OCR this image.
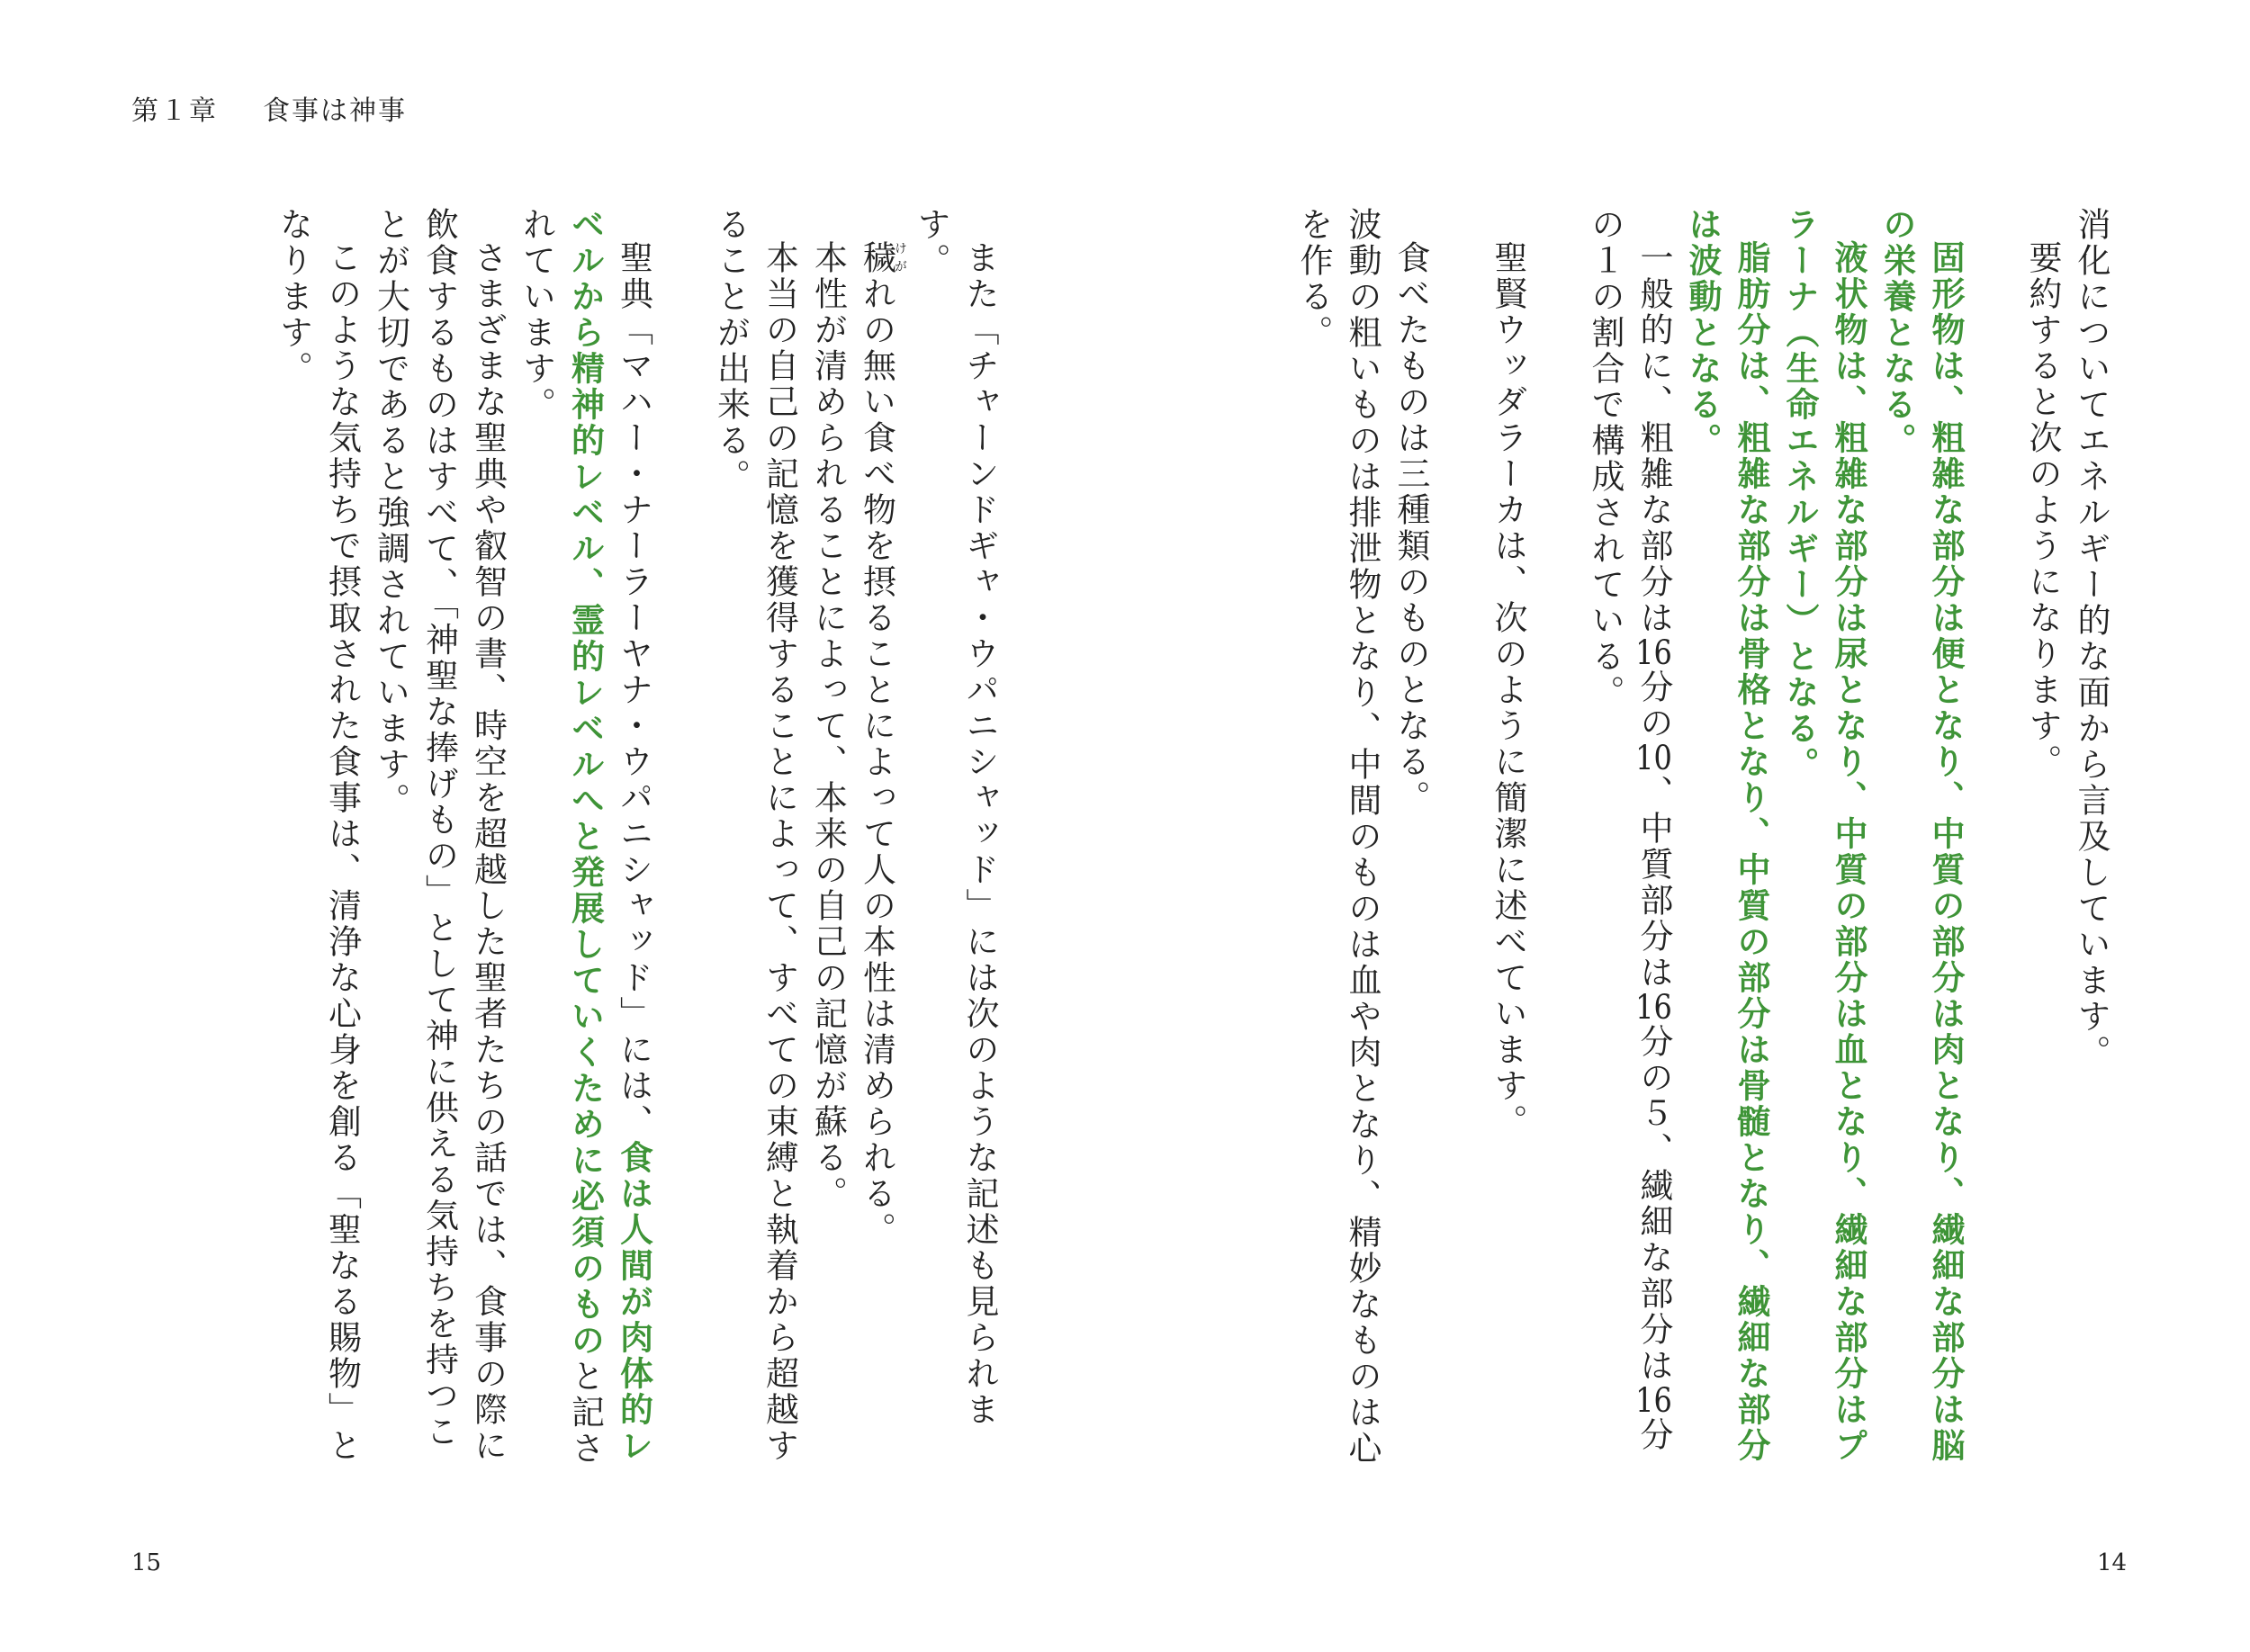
第１章 食事は神事

消化についてエネルギー的な面から言及しています。

要約すると次のようになります。

固形物は、粗雑な部分は便となり、中質の部分は肉となり、繊細な部分は脳の栄養となる。

液状物は、粗雑な部分は尿となり、中質の部分は血となり、繊細な部分はプラーナ（生命エネルギー）となる。

脂肪分は、粗雑な部分は骨格となり、中質の部分は骨髄となり、繊細な部分は波動となる。

一般的に、粗雑な部分は16分の10、中質部分は16分の５、繊細な部分は16分の１の割合で構成されている。

聖賢ウッダラーカは、次のように簡潔に述べています。

食べたものは三種類のものとなる。

波動の粗いものは排泄物となり、中間のものは血や肉となり、精妙なものは心を作る。

また「チャーンドギャ・ウパニシャッド」には次のような記述も見られます。

穢けがれの無い食べ物を摂ることによって人の本性は清められる。

本性が清められることによって、本来の自己の記憶が蘇る。

本当の自己の記憶を獲得することによって、すべての束縛と執着から超越することが出来る。

聖典「マハー・ナーラーヤナ・ウパニシャッド」には、食は人間が肉体的レベルから精神的レベル、霊的レベルへと発展していくために必須のものと記されています。

さまざまな聖典や叡智の書、時空を超越した聖者たちの話では、食事の際に飲食するものはすべて、「神聖な捧げもの」として神に供える気持ちを持つことが大切であると強調されています。

このような気持ちで摂取された食事は、清浄な心身を創る「聖なる賜物」となります。

15	14
